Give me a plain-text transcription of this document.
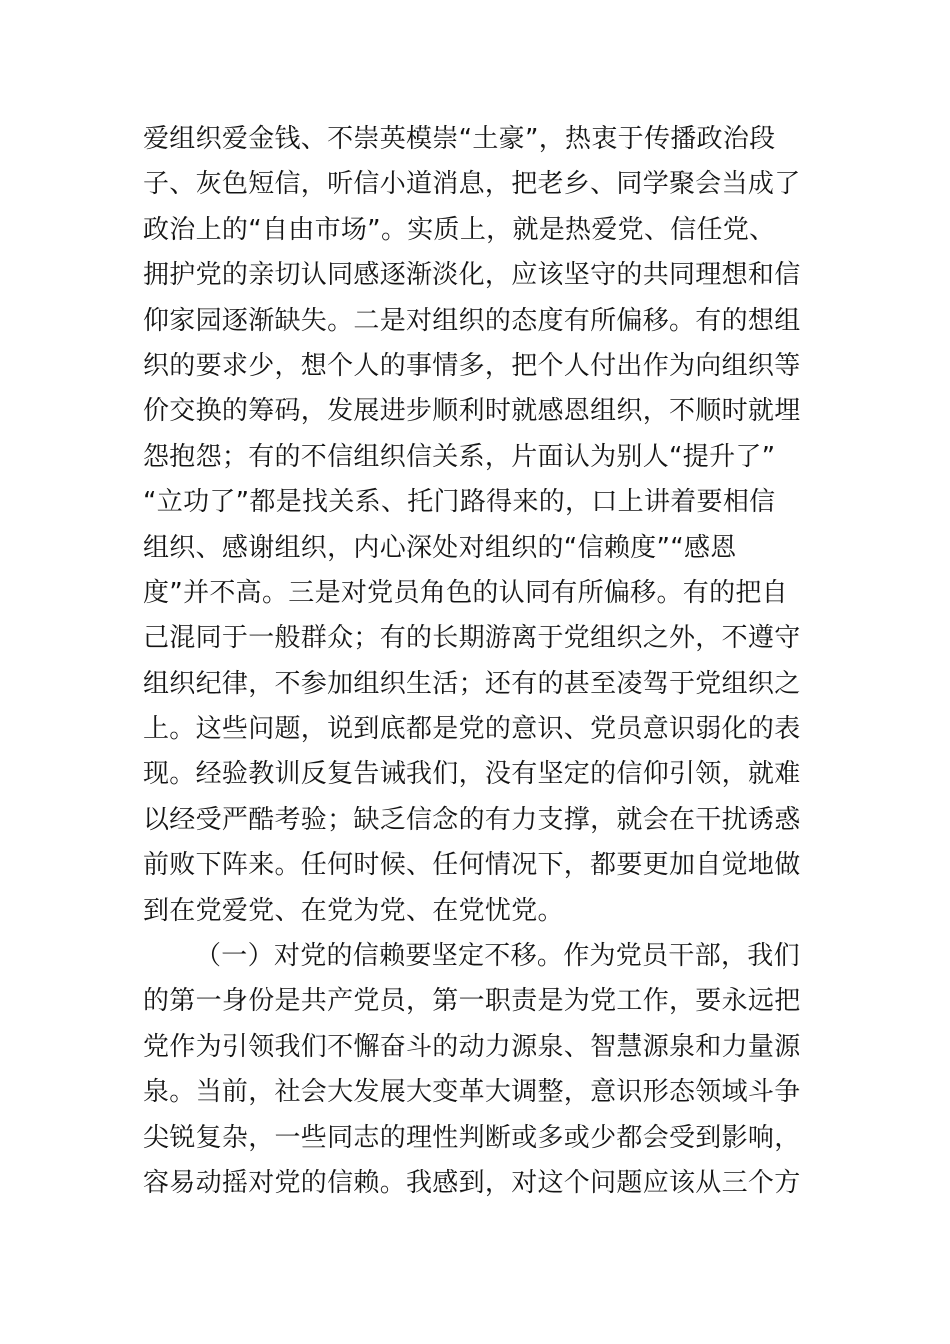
爱组织爱金钱、不崇英模崇“土豪”，热衷于传播政治段
子、灰色短信，听信小道消息，把老乡、同学聚会当成了
政治上的“自由市场”。实质上，就是热爱党、信任党、
拥护党的亲切认同感逐渐淡化，应该坚守的共同理想和信
仰家园逐渐缺失。二是对组织的态度有所偏移。有的想组
织的要求少，想个人的事情多，把个人付出作为向组织等
价交换的筹码，发展进步顺利时就感恩组织，不顺时就埋
怨抱怨；有的不信组织信关系，片面认为别人“提升了”
“立功了”都是找关系、托门路得来的，口上讲着要相信
组织、感谢组织，内心深处对组织的“信赖度”“感恩
度”并不高。三是对党员角色的认同有所偏移。有的把自
己混同于一般群众；有的长期游离于党组织之外，不遵守
组织纪律，不参加组织生活；还有的甚至凌驾于党组织之
上。这些问题，说到底都是党的意识、党员意识弱化的表
现。经验教训反复告诫我们，没有坚定的信仰引领，就难
以经受严酷考验；缺乏信念的有力支撑，就会在干扰诱惑
前败下阵来。任何时候、任何情况下，都要更加自觉地做
到在党爱党、在党为党、在党忧党。
（一）对党的信赖要坚定不移。作为党员干部，我们
的第一身份是共产党员，第一职责是为党工作，要永远把
党作为引领我们不懈奋斗的动力源泉、智慧源泉和力量源
泉。当前，社会大发展大变革大调整，意识形态领域斗争
尖锐复杂，一些同志的理性判断或多或少都会受到影响，
容易动摇对党的信赖。我感到，对这个问题应该从三个方
